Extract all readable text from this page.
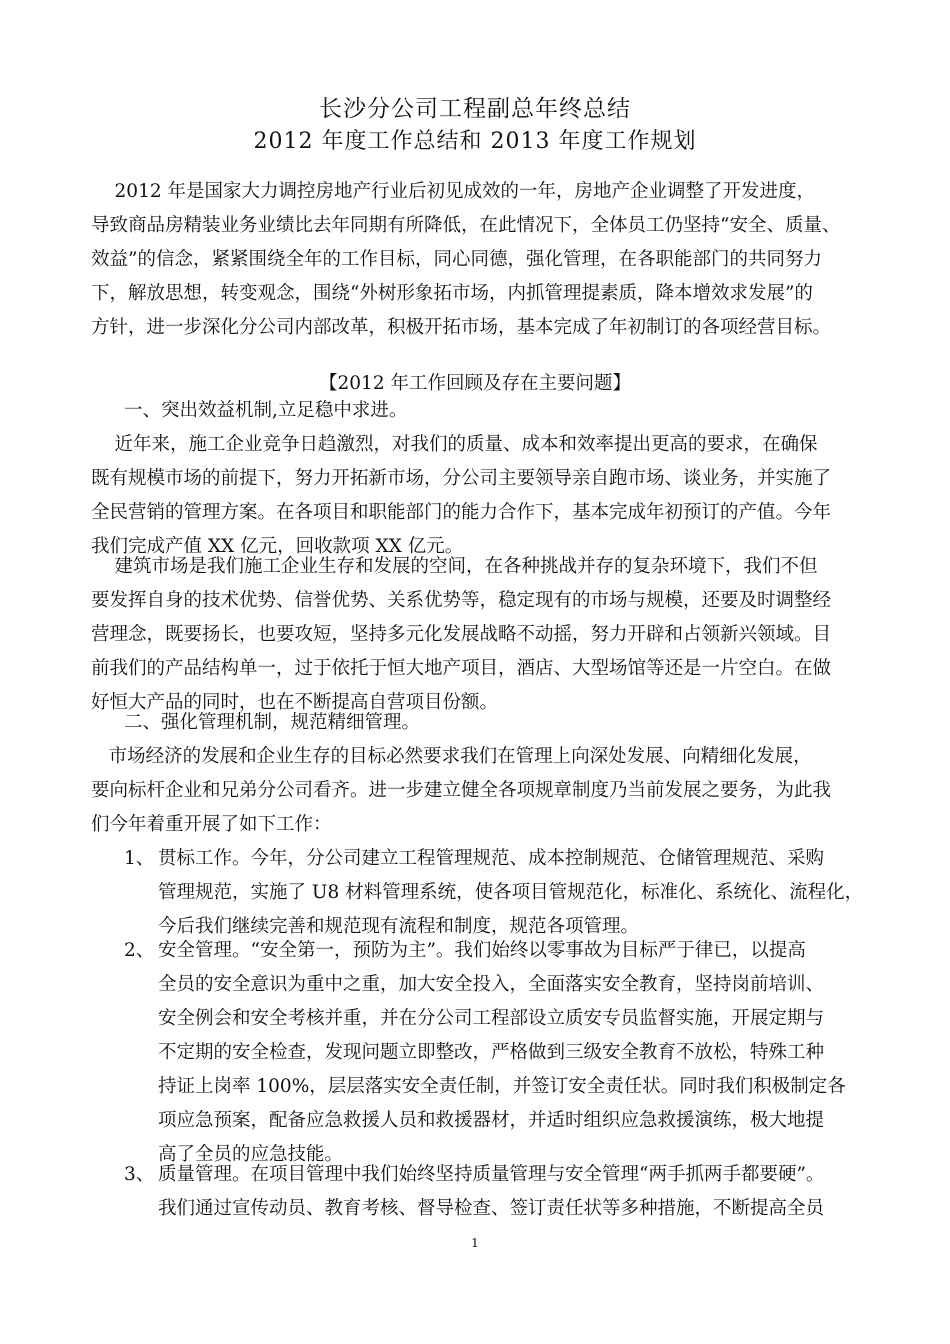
长沙分公司工程副总年终总结
2012 年度工作总结和 2013 年度工作规划

2012 年是国家大力调控房地产行业后初见成效的一年，房地产企业调整了开发进度，

导致商品房精装业务业绩比去年同期有所降低，在此情况下，全体员工仍坚持“安全、质量、

效益”的信念，紧紧围绕全年的工作目标，同心同德，强化管理，在各职能部门的共同努力

下，解放思想，转变观念，围绕“外树形象拓市场，内抓管理提素质，降本增效求发展”的

方针，进一步深化分公司内部改革，积极开拓市场，基本完成了年初制订的各项经营目标。

【2012 年工作回顾及存在主要问题】
一、突出效益机制,立足稳中求进。

近年来，施工企业竞争日趋激烈，对我们的质量、成本和效率提出更高的要求，在确保

既有规模市场的前提下，努力开拓新市场，分公司主要领导亲自跑市场、谈业务，并实施了

全民营销的管理方案。在各项目和职能部门的能力合作下，基本完成年初预订的产值。今年

我们完成产值 XX 亿元，回收款项 XX 亿元。

建筑市场是我们施工企业生存和发展的空间，在各种挑战并存的复杂环境下，我们不但

要发挥自身的技术优势、信誉优势、关系优势等，稳定现有的市场与规模，还要及时调整经

营理念，既要扬长，也要攻短，坚持多元化发展战略不动摇，努力开辟和占领新兴领域。目

前我们的产品结构单一，过于依托于恒大地产项目，酒店、大型场馆等还是一片空白。在做

好恒大产品的同时，也在不断提高自营项目份额。

二、强化管理机制，规范精细管理。

市场经济的发展和企业生存的目标必然要求我们在管理上向深处发展、向精细化发展，

要向标杆企业和兄弟分公司看齐。进一步建立健全各项规章制度乃当前发展之要务，为此我

们今年着重开展了如下工作：

1、 贯标工作。今年，分公司建立工程管理规范、成本控制规范、仓储管理规范、采购

管理规范，实施了 U8 材料管理系统，使各项目管规范化，标准化、系统化、流程化，

今后我们继续完善和规范现有流程和制度，规范各项管理。

2、 安全管理。“安全第一，预防为主”。我们始终以零事故为目标严于律已，以提高

全员的安全意识为重中之重，加大安全投入，全面落实安全教育，坚持岗前培训、

安全例会和安全考核并重，并在分公司工程部设立质安专员监督实施，开展定期与

不定期的安全检查，发现问题立即整改，严格做到三级安全教育不放松，特殊工种

持证上岗率 100%，层层落实安全责任制，并签订安全责任状。同时我们积极制定各

项应急预案，配备应急救援人员和救援器材，并适时组织应急救援演练，极大地提

高了全员的应急技能。

3、 质量管理。在项目管理中我们始终坚持质量管理与安全管理“两手抓两手都要硬”。

我们通过宣传动员、教育考核、督导检查、签订责任状等多种措施，不断提高全员

1
